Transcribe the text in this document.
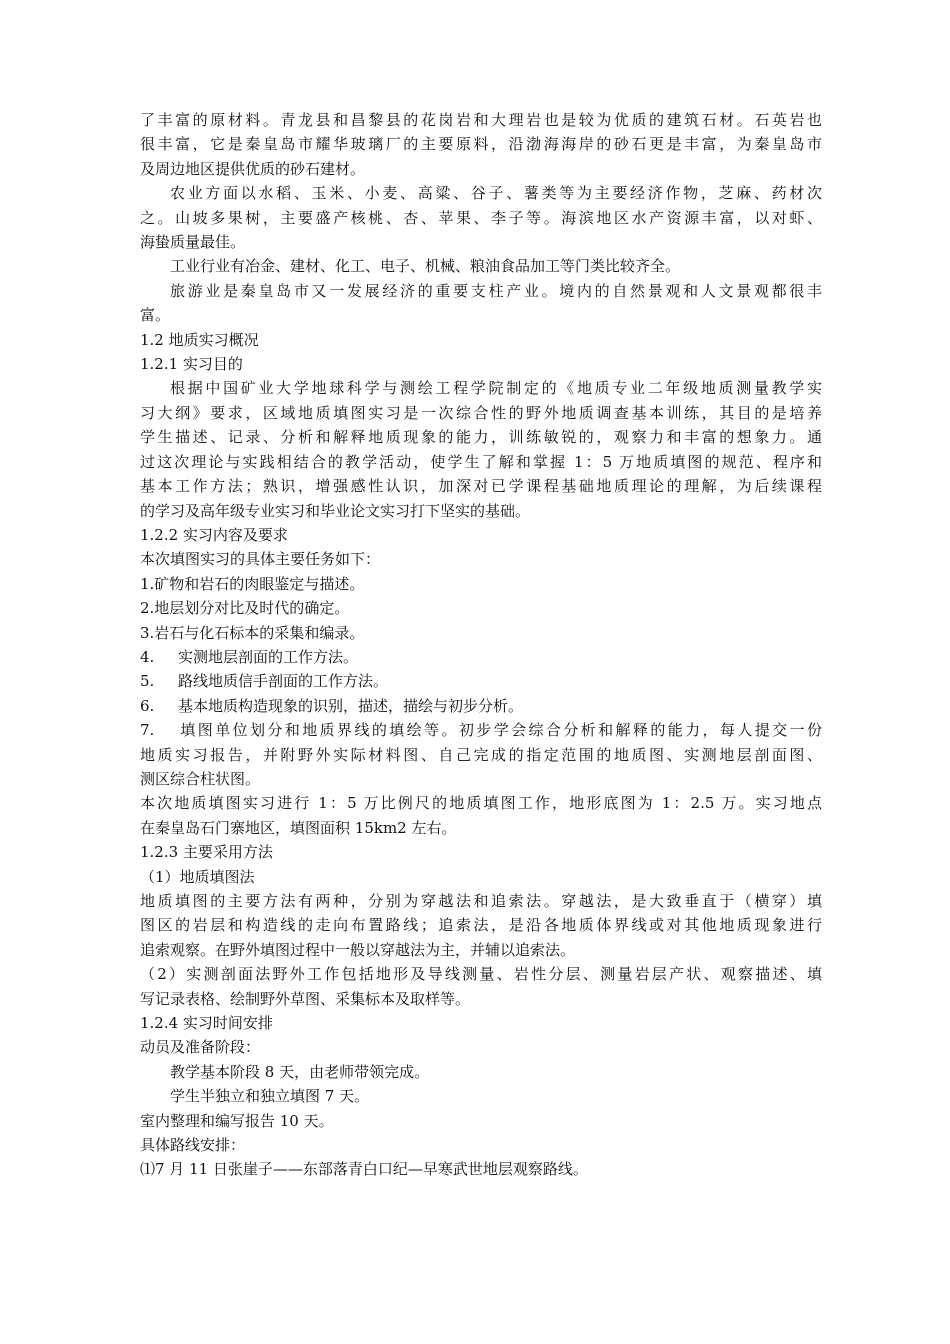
了丰富的原材料。青龙县和昌黎县的花岗岩和大理岩也是较为优质的建筑石材。石英岩也

很丰富，它是秦皇岛市耀华玻璃厂的主要原料，沿渤海海岸的砂石更是丰富，为秦皇岛市

及周边地区提供优质的砂石建材。

农业方面以水稻、玉米、小麦、高粱、谷子、薯类等为主要经济作物，芝麻、药材次

之。山坡多果树，主要盛产核桃、杏、苹果、李子等。海滨地区水产资源丰富，以对虾、

海蛰质量最佳。

工业行业有冶金、建材、化工、电子、机械、粮油食品加工等门类比较齐全。

旅游业是秦皇岛市又一发展经济的重要支柱产业。境内的自然景观和人文景观都很丰

富。

1.2 地质实习概况

1.2.1 实习目的

根据中国矿业大学地球科学与测绘工程学院制定的《地质专业二年级地质测量教学实

习大纲》要求，区域地质填图实习是一次综合性的野外地质调查基本训练，其目的是培养

学生描述、记录、分析和解释地质现象的能力，训练敏锐的，观察力和丰富的想象力。通

过这次理论与实践相结合的教学活动，使学生了解和掌握 1：5 万地质填图的规范、程序和

基本工作方法；熟识，增强感性认识，加深对已学课程基础地质理论的理解，为后续课程

的学习及高年级专业实习和毕业论文实习打下坚实的基础。

1.2.2 实习内容及要求

本次填图实习的具体主要任务如下：

1.矿物和岩石的肉眼鉴定与描述。

2.地层划分对比及时代的确定。

3.岩石与化石标本的采集和编录。

4. 实测地层剖面的工作方法。

5. 路线地质信手剖面的工作方法。

6. 基本地质构造现象的识别，描述，描绘与初步分析。

7. 填图单位划分和地质界线的填绘等。初步学会综合分析和解释的能力，每人提交一份

地质实习报告，并附野外实际材料图、自己完成的指定范围的地质图、实测地层剖面图、

测区综合柱状图。

本次地质填图实习进行 1：5 万比例尺的地质填图工作，地形底图为 1：2.5 万。实习地点

在秦皇岛石门寨地区，填图面积 15km2 左右。

1.2.3 主要采用方法

（1）地质填图法

地质填图的主要方法有两种，分别为穿越法和追索法。穿越法，是大致垂直于（横穿）填

图区的岩层和构造线的走向布置路线；追索法，是沿各地质体界线或对其他地质现象进行

追索观察。在野外填图过程中一般以穿越法为主，并辅以追索法。

（2）实测剖面法野外工作包括地形及导线测量、岩性分层、测量岩层产状、观察描述、填

写记录表格、绘制野外草图、采集标本及取样等。

1.2.4 实习时间安排

动员及准备阶段：

教学基本阶段 8 天，由老师带领完成。

学生半独立和独立填图 7 天。

室内整理和编写报告 10 天。

具体路线安排：

⑴7 月 11 日张崖子——东部落青白口纪—早寒武世地层观察路线。
